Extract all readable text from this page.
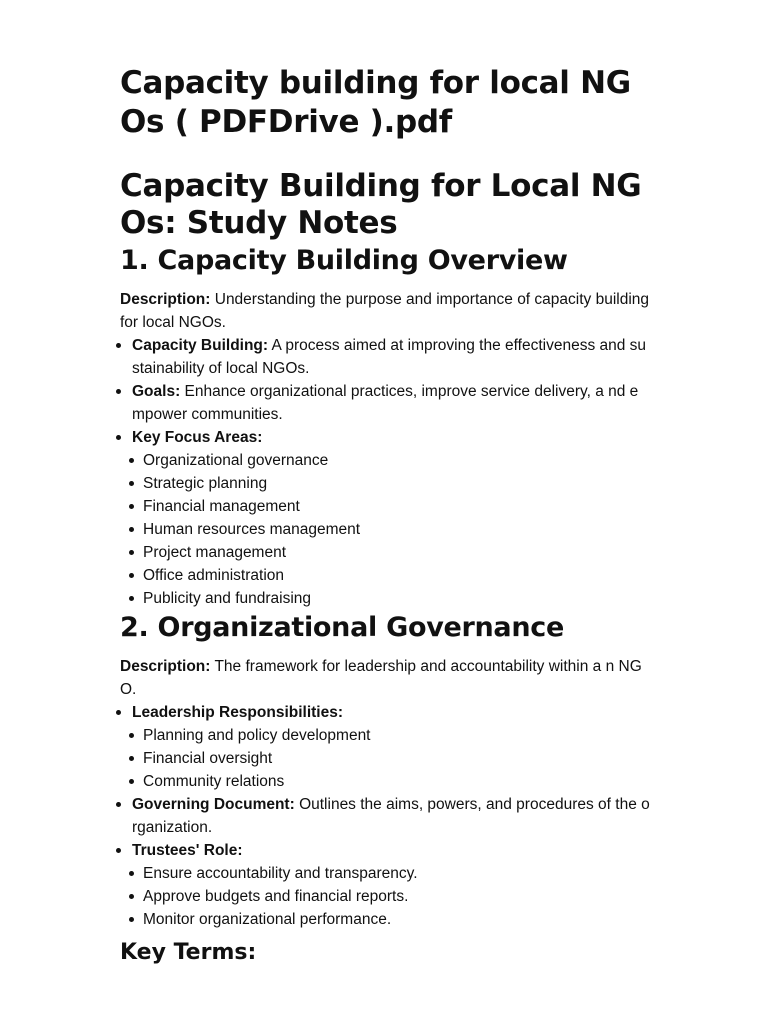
Capacity building for local NG Os ( PDFDrive ).pdf
Capacity Building for Local NG Os: Study Notes
1. Capacity Building Overview

Description: Understanding the purpose and importance of capacity building for local NGOs.

Capacity Building: A process aimed at improving the effectiveness and sustainability of local NGOs.
Goals: Enhance organizational practices, improve service delivery, a nd empower communities.
Key Focus Areas:
Organizational governance
Strategic planning
Financial management
Human resources management
Project management
Office administration
Publicity and fundraising
2. Organizational Governance

Description: The framework for leadership and accountability within a n NGO.

Leadership Responsibilities:
Planning and policy development
Financial oversight
Community relations
Governing Document: Outlines the aims, powers, and procedures of the organization.
Trustees' Role:
Ensure accountability and transparency.
Approve budgets and financial reports.
Monitor organizational performance.
Key Terms:
